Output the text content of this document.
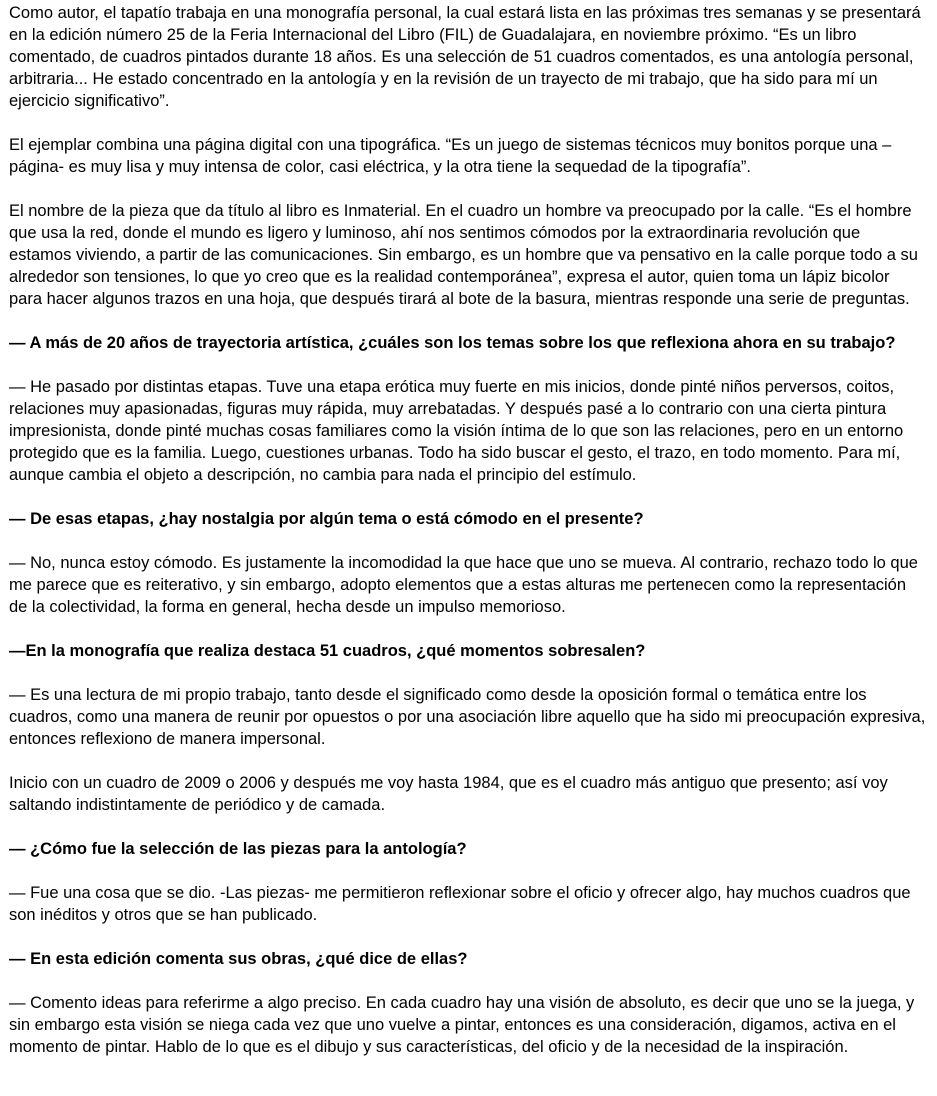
Como autor, el tapatío trabaja en una monografía personal, la cual estará lista en las próximas tres semanas y se presentará en la edición número 25 de la Feria Internacional del Libro (FIL) de Guadalajara, en noviembre próximo. “Es un libro comentado, de cuadros pintados durante 18 años. Es una selección de 51 cuadros comentados, es una antología personal, arbitraria... He estado concentrado en la antología y en la revisión de un trayecto de mi trabajo, que ha sido para mí un ejercicio significativo”.

El ejemplar combina una página digital con una tipográfica. “Es un juego de sistemas técnicos muy bonitos porque una –página- es muy lisa y muy intensa de color, casi eléctrica, y la otra tiene la sequedad de la tipografía”.

El nombre de la pieza que da título al libro es Inmaterial. En el cuadro un hombre va preocupado por la calle. “Es el hombre que usa la red, donde el mundo es ligero y luminoso, ahí nos sentimos cómodos por la extraordinaria revolución que estamos viviendo, a partir de las comunicaciones. Sin embargo, es un hombre que va pensativo en la calle porque todo a su alrededor son tensiones, lo que yo creo que es la realidad contemporánea”, expresa el autor, quien toma un lápiz bicolor para hacer algunos trazos en una hoja, que después tirará al bote de la basura, mientras responde una serie de preguntas.

— A más de 20 años de trayectoria artística, ¿cuáles son los temas sobre los que reflexiona ahora en su trabajo?

— He pasado por distintas etapas. Tuve una etapa erótica muy fuerte en mis inicios, donde pinté niños perversos, coitos, relaciones muy apasionadas, figuras muy rápida, muy arrebatadas. Y después pasé a lo contrario con una cierta pintura impresionista, donde pinté muchas cosas familiares como la visión íntima de lo que son las relaciones, pero en un entorno protegido que es la familia. Luego, cuestiones urbanas. Todo ha sido buscar el gesto, el trazo, en todo momento. Para mí, aunque cambia el objeto a descripción, no cambia para nada el principio del estímulo.

— De esas etapas, ¿hay nostalgia por algún tema o está cómodo en el presente?

— No, nunca estoy cómodo. Es justamente la incomodidad la que hace que uno se mueva. Al contrario, rechazo todo lo que me parece que es reiterativo, y sin embargo, adopto elementos que a estas alturas me pertenecen como la representación de la colectividad, la forma en general, hecha desde un impulso memorioso.

—En la monografía que realiza destaca 51 cuadros, ¿qué momentos sobresalen?

— Es una lectura de mi propio trabajo, tanto desde el significado como desde la oposición formal o temática entre los cuadros, como una manera de reunir por opuestos o por una asociación libre aquello que ha sido mi preocupación expresiva, entonces reflexiono de manera impersonal.

Inicio con un cuadro de 2009 o 2006 y después me voy hasta 1984, que es el cuadro más antiguo que presento; así voy saltando indistintamente de periódico y de camada.

— ¿Cómo fue la selección de las piezas para la antología?

— Fue una cosa que se dio. -Las piezas- me permitieron reflexionar sobre el oficio y ofrecer algo, hay muchos cuadros que son inéditos y otros que se han publicado.

— En esta edición comenta sus obras, ¿qué dice de ellas?

— Comento ideas para referirme a algo preciso. En cada cuadro hay una visión de absoluto, es decir que uno se la juega, y sin embargo esta visión se niega cada vez que uno vuelve a pintar, entonces es una consideración, digamos, activa en el momento de pintar. Hablo de lo que es el dibujo y sus características, del oficio y de la necesidad de la inspiración.
